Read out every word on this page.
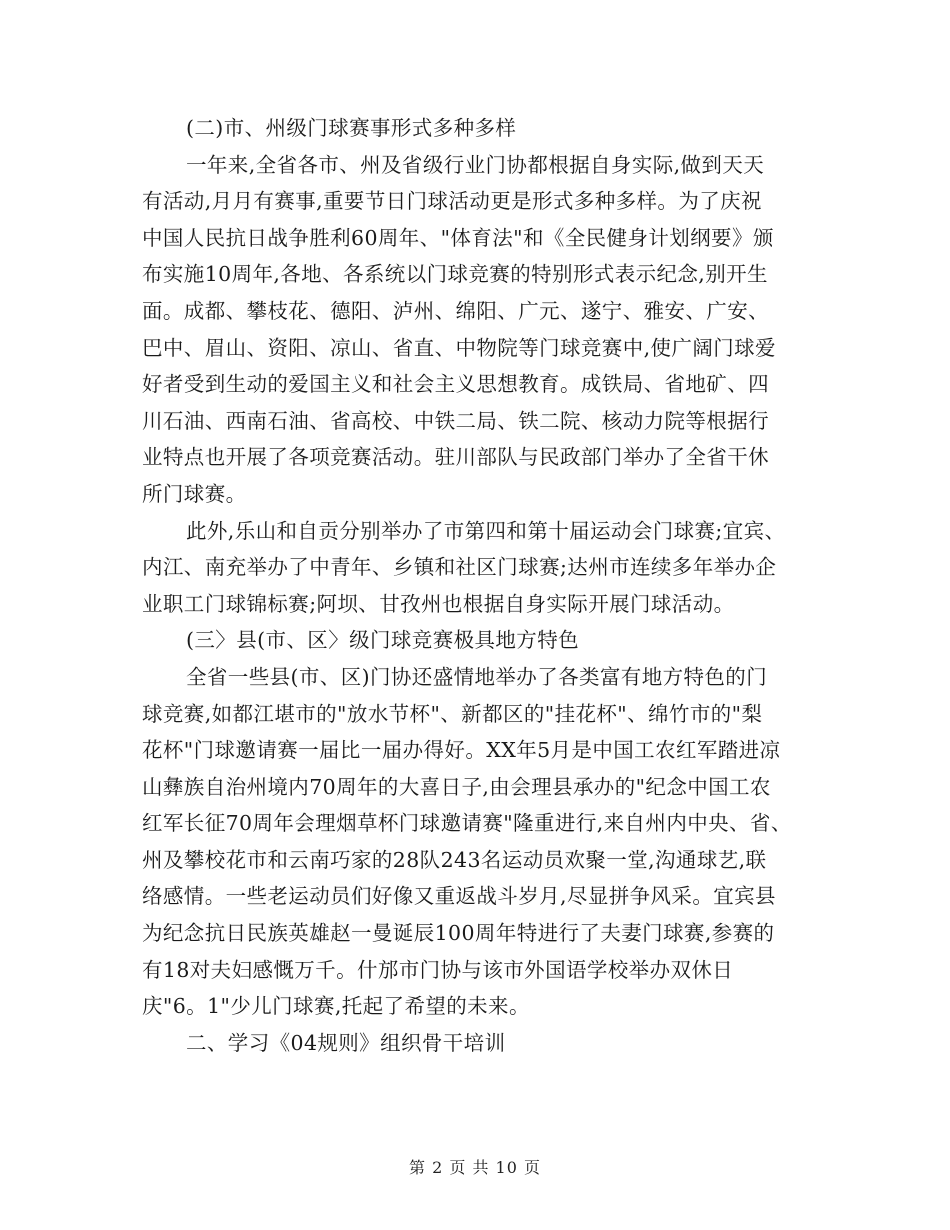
(二)市、州级门球赛事形式多种多样
一年来,全省各市、州及省级行业门协都根据自身实际,做到天天
有活动,月月有赛事,重要节日门球活动更是形式多种多样。为了庆祝
中国人民抗日战争胜利60周年、"体育法"和《全民健身计划纲要》颁
布实施10周年,各地、各系统以门球竞赛的特别形式表示纪念,别开生
面。成都、攀枝花、德阳、泸州、绵阳、广元、遂宁、雅安、广安、
巴中、眉山、资阳、凉山、省直、中物院等门球竞赛中,使广阔门球爱
好者受到生动的爱国主义和社会主义思想教育。成铁局、省地矿、四
川石油、西南石油、省高校、中铁二局、铁二院、核动力院等根据行
业特点也开展了各项竞赛活动。驻川部队与民政部门举办了全省干休
所门球赛。
此外,乐山和自贡分别举办了市第四和第十届运动会门球赛;宜宾、
内江、南充举办了中青年、乡镇和社区门球赛;达州市连续多年举办企
业职工门球锦标赛;阿坝、甘孜州也根据自身实际开展门球活动。
(三〉县(市、区〉级门球竞赛极具地方特色
全省一些县(市、区)门协还盛情地举办了各类富有地方特色的门
球竞赛,如都江堪市的"放水节杯"、新都区的"挂花杯"、绵竹市的"梨
花杯"门球邀请赛一届比一届办得好。XX年5月是中国工农红军踏进凉
山彝族自治州境内70周年的大喜日子,由会理县承办的"纪念中国工农
红军长征70周年会理烟草杯门球邀请赛"隆重进行,来自州内中央、省、
州及攀校花市和云南巧家的28队243名运动员欢聚一堂,沟通球艺,联
络感情。一些老运动员们好像又重返战斗岁月,尽显拼争风采。宜宾县
为纪念抗日民族英雄赵一曼诞辰100周年特进行了夫妻门球赛,参赛的
有18对夫妇感慨万千。什邡市门协与该市外国语学校举办双休日
庆"6。1"少儿门球赛,托起了希望的未来。
二、学习《04规则》组织骨干培训
第 2 页 共 10 页
